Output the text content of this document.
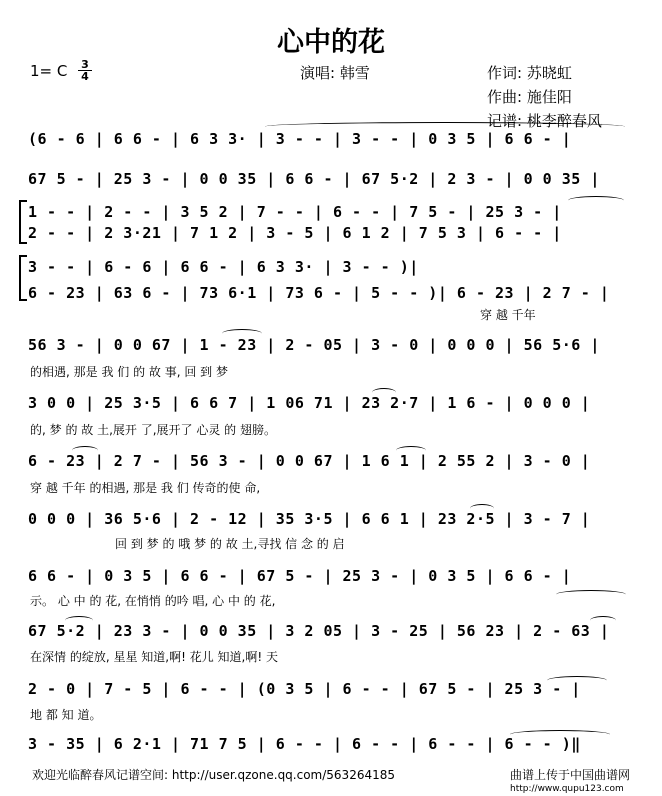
心中的花
1= C 3
4	演唱: 韩雪	作词: 苏晓虹
作曲: 施佳阳
记谱: 桃李醉春风
(6 - 6 | 6 6 - | 6 3 3· | 3 - - | 3 - - | 0 3 5 | 6 6 - |
67 5 - | 25 3 - | 0 0 35 | 6 6 - | 67 5·2 | 2 3 - | 0 0 35 |
1 - - | 2 - - | 3 5 2 | 7 - - | 6 - - | 7 5 - | 25 3 - |
2 - - | 2 3·21 | 7 1 2 | 3 - 5 | 6 1 2 | 7 5 3 | 6 - - |
3 - - | 6 - 6 | 6 6 - | 6 3 3· | 3 - - )|
6 - 23 | 63 6 - | 73 6·1 | 73 6 - | 5 - - )| 6 - 23 | 2 7 - |
56 3 - | 0 0 67 | 1 - 23 | 2 - 05 | 3 - 0 | 0 0 0 | 56 5·6 |
3 0 0 | 25 3·5 | 6 6 7 | 1 06 71 | 23 2·7 | 1 6 - | 0 0 0 |
6 - 23 | 2 7 - | 56 3 - | 0 0 67 | 1 6 1 | 2 55 2 | 3 - 0 |
0 0 0 | 36 5·6 | 2 - 12 | 35 3·5 | 6 6 1 | 23 2·5 | 3 - 7 |
6 6 - | 0 3 5 | 6 6 - | 67 5 - | 25 3 - | 0 3 5 | 6 6 - |
67 5·2 | 23 3 - | 0 0 35 | 3 2 05 | 3 - 25 | 56 23 | 2 - 63 |
2 - 0 | 7 - 5 | 6 - - | (0 3 5 | 6 - - | 67 5 - | 25 3 - |
3 - 35 | 6 2·1 | 71 7 5 | 6 - - | 6 - - | 6 - - | 6 - - )‖
穿 越 千年
的相遇, 那是 我 们 的 故 事, 回 到 梦
的, 梦 的 故 土,展开 了,展开了 心灵 的 翅膀。
穿 越 千年 的相遇, 那是 我 们 传奇的使 命,
回 到 梦 的 哦 梦 的 故 土,寻找 信 念 的 启
示。 心 中 的 花, 在悄悄 的吟 唱, 心 中 的 花,
在深情 的绽放, 星星 知道,啊! 花儿 知道,啊! 天
地 都 知 道。
欢迎光临醉春风记谱空间: http://user.qzone.qq.com/563264185	曲谱上传于中国曲谱网
http://www.qupu123.com
